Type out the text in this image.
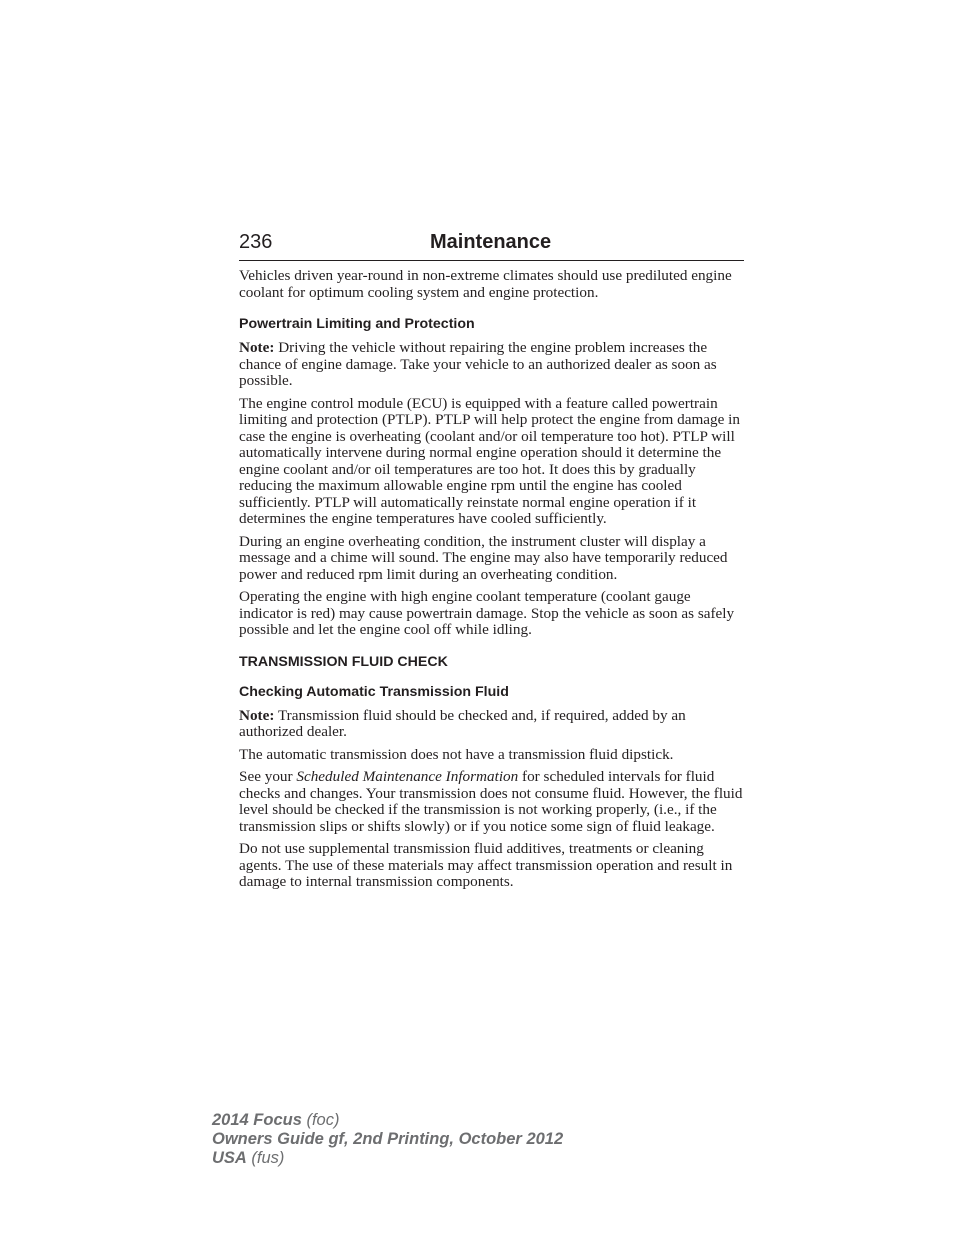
236	Maintenance

Vehicles driven year-round in non-extreme climates should use prediluted engine coolant for optimum cooling system and engine protection.

Powertrain Limiting and Protection

Note: Driving the vehicle without repairing the engine problem increases the chance of engine damage. Take your vehicle to an authorized dealer as soon as possible.

The engine control module (ECU) is equipped with a feature called powertrain limiting and protection (PTLP). PTLP will help protect the engine from damage in case the engine is overheating (coolant and/or oil temperature too hot). PTLP will automatically intervene during normal engine operation should it determine the engine coolant and/or oil temperatures are too hot. It does this by gradually reducing the maximum allowable engine rpm until the engine has cooled sufficiently. PTLP will automatically reinstate normal engine operation if it determines the engine temperatures have cooled sufficiently.

During an engine overheating condition, the instrument cluster will display a message and a chime will sound. The engine may also have temporarily reduced power and reduced rpm limit during an overheating condition.

Operating the engine with high engine coolant temperature (coolant gauge indicator is red) may cause powertrain damage. Stop the vehicle as soon as safely possible and let the engine cool off while idling.

TRANSMISSION FLUID CHECK
Checking Automatic Transmission Fluid

Note: Transmission fluid should be checked and, if required, added by an authorized dealer.

The automatic transmission does not have a transmission fluid dipstick.

See your Scheduled Maintenance Information for scheduled intervals for fluid checks and changes. Your transmission does not consume fluid. However, the fluid level should be checked if the transmission is not working properly, (i.e., if the transmission slips or shifts slowly) or if you notice some sign of fluid leakage.

Do not use supplemental transmission fluid additives, treatments or cleaning agents. The use of these materials may affect transmission operation and result in damage to internal transmission components.

2014 Focus (foc)
Owners Guide gf, 2nd Printing, October 2012
USA (fus)
